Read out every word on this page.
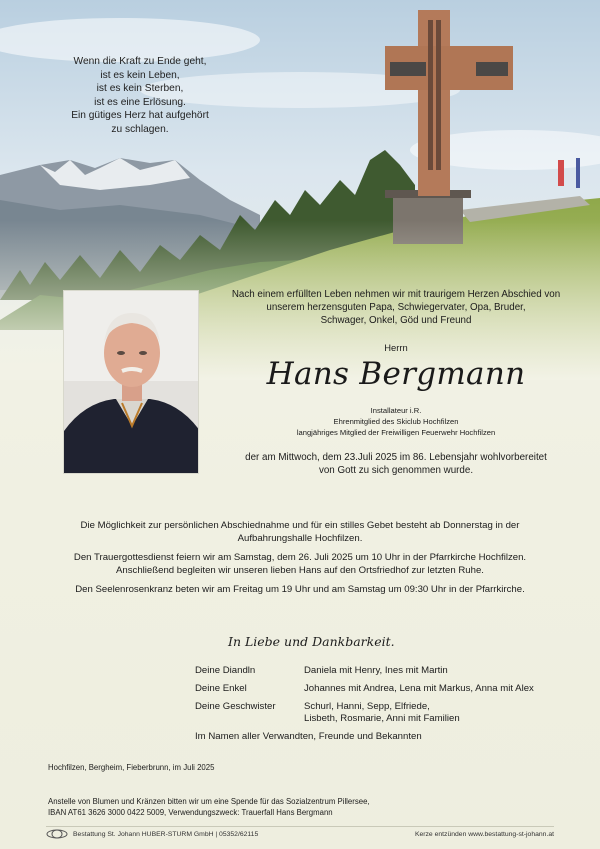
Wenn die Kraft zu Ende geht,
ist es kein Leben,
ist es kein Sterben,
ist es eine Erlösung.
Ein gütiges Herz hat aufgehört
zu schlagen.
Nach einem erfüllten Leben nehmen wir mit traurigem Herzen Abschied von
unserem herzensguten Papa, Schwiegervater, Opa, Bruder,
Schwager, Onkel, Göd und Freund
Herrn
Hans Bergmann
Installateur i.R.
Ehrenmitglied des Skiclub Hochfilzen
langjähriges Mitglied der Freiwilligen Feuerwehr Hochfilzen
der am Mittwoch, dem 23.Juli 2025 im 86. Lebensjahr wohlvorbereitet
von Gott zu sich genommen wurde.

Die Möglichkeit zur persönlichen Abschiednahme und für ein stilles Gebet besteht ab Donnerstag in der
Aufbahrungshalle Hochfilzen.

Den Trauergottesdienst feiern wir am Samstag, dem 26. Juli 2025 um 10 Uhr in der Pfarrkirche Hochfilzen.
Anschließend begleiten wir unseren lieben Hans auf den Ortsfriedhof zur letzten Ruhe.

Den Seelenrosenkranz beten wir am Freitag um 19 Uhr und am Samstag um 09:30 Uhr in der Pfarrkirche.

In Liebe und Dankbarkeit.
Deine Diandln	Daniela mit Henry, Ines mit Martin
Deine Enkel	Johannes mit Andrea, Lena mit Markus, Anna mit Alex
Deine Geschwister	Schurl, Hanni, Sepp, Elfriede,
Lisbeth, Rosmarie, Anni mit Familien
Im Namen aller Verwandten, Freunde und Bekannten
Hochfilzen, Bergheim, Fieberbrunn, im Juli 2025
Anstelle von Blumen und Kränzen bitten wir um eine Spende für das Sozialzentrum Pillersee,
IBAN AT61 3626 3000 0422 5009, Verwendungszweck: Trauerfall Hans Bergmann
Bestattung St. Johann HUBER-STURM GmbH | 05352/62115	Kerze entzünden www.bestattung-st-johann.at
